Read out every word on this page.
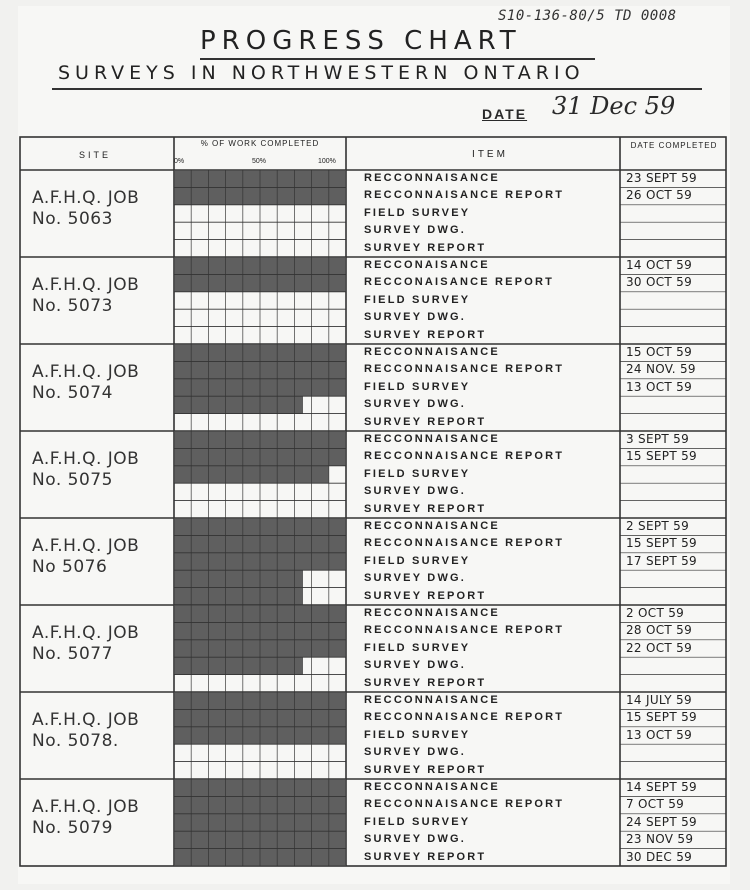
S10-136-80/5 TD 0008
PROGRESS CHART
SURVEYS IN NORTHWESTERN ONTARIO
DATE 31 Dec 59
SITE
% OF WORK COMPLETED
0%	50%	100%
ITEM
DATE COMPLETED
A.F.H.Q. JOB
No. 5063
RECCONNAISANCE	23 SEPT 59
RECCONNAISANCE REPORT	26 OCT 59
FIELD SURVEY
SURVEY DWG.
SURVEY REPORT
A.F.H.Q. JOB
No. 5073
RECCONAISANCE	14 OCT 59
RECCONAISANCE REPORT	30 OCT 59
FIELD SURVEY
SURVEY DWG.
SURVEY REPORT
A.F.H.Q. JOB
No. 5074
RECCONNAISANCE	15 OCT 59
RECCONNAISANCE REPORT	24 NOV. 59
FIELD SURVEY	13 OCT 59
SURVEY DWG.
SURVEY REPORT
A.F.H.Q. JOB
No. 5075
RECCONNAISANCE	3 SEPT 59
RECCONNAISANCE REPORT	15 SEPT 59
FIELD SURVEY
SURVEY DWG.
SURVEY REPORT
A.F.H.Q. JOB
No 5076
RECCONNAISANCE	2 SEPT 59
RECCONNAISANCE REPORT	15 SEPT 59
FIELD SURVEY	17 SEPT 59
SURVEY DWG.
SURVEY REPORT
A.F.H.Q. JOB
No. 5077
RECCONNAISANCE	2 OCT 59
RECCONNAISANCE REPORT	28 OCT 59
FIELD SURVEY	22 OCT 59
SURVEY DWG.
SURVEY REPORT
A.F.H.Q. JOB
No. 5078.
RECCONNAISANCE	14 JULY 59
RECCONNAISANCE REPORT	15 SEPT 59
FIELD SURVEY	13 OCT 59
SURVEY DWG.
SURVEY REPORT
A.F.H.Q. JOB
No. 5079
RECCONNAISANCE	14 SEPT 59
RECCONNAISANCE REPORT	7 OCT 59
FIELD SURVEY	24 SEPT 59
SURVEY DWG.	23 NOV 59
SURVEY REPORT	30 DEC 59
